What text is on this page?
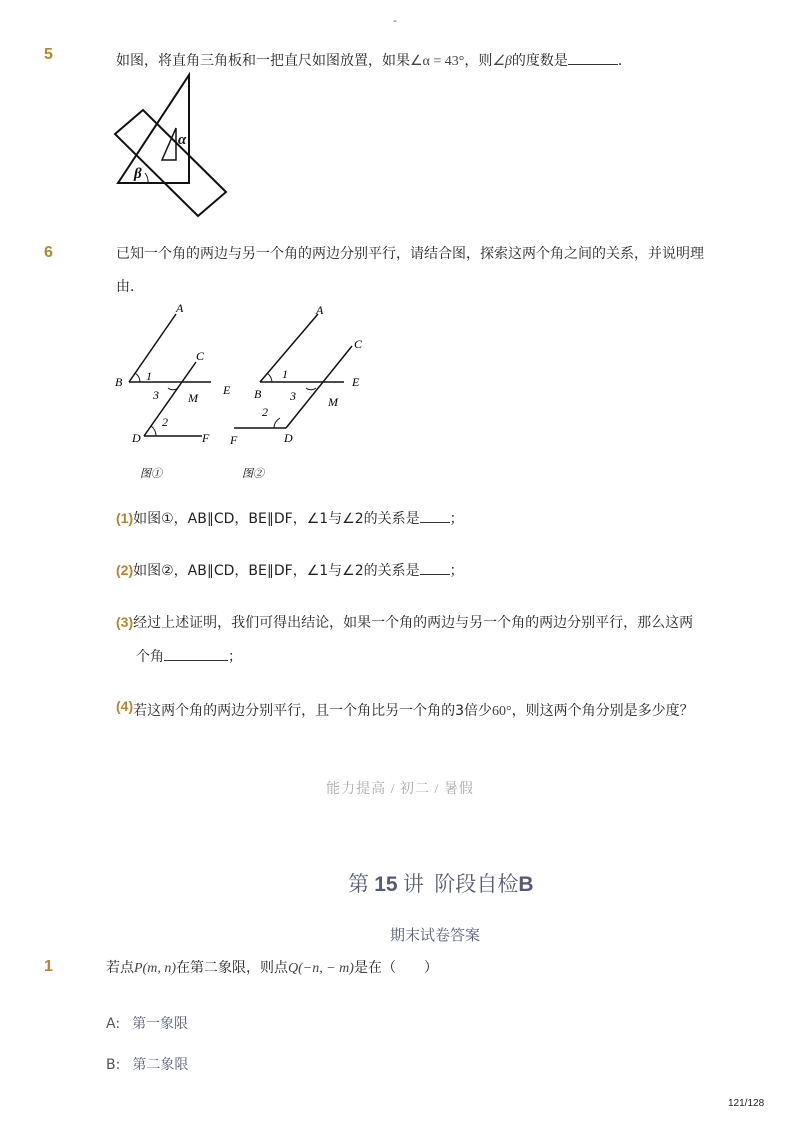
-
5	如图，将直角三角板和一把直尺如图放置，如果∠α = 43°，则∠β的度数是	．
α
β
6	已知一个角的两边与另一个角的两边分别平行，请结合图，探索这两个角之间的关系，并说明理
由．
A
B
C
D
E
F
M
1
3
2
图①
A
B
C
D
E
F
M
1
3
2
图②
(1)如图①，AB∥CD，BE∥DF，∠1与∠2的关系是 ；
(2)如图②，AB∥CD，BE∥DF，∠1与∠2的关系是 ；
(3)经过上述证明，我们可得出结论，如果一个角的两边与另一个角的两边分别平行，那么这两
个角	；
(4)若这两个角的两边分别平行，且一个角比另一个角的3倍少60°，则这两个角分别是多少度？
能力提高 / 初二 / 暑假
第 15 讲 阶段自检B
期末试卷答案
1	若点P(m, n)在第二象限，则点Q(−n, − m)是在（　　）
A: 第一象限
B: 第二象限
121/128
